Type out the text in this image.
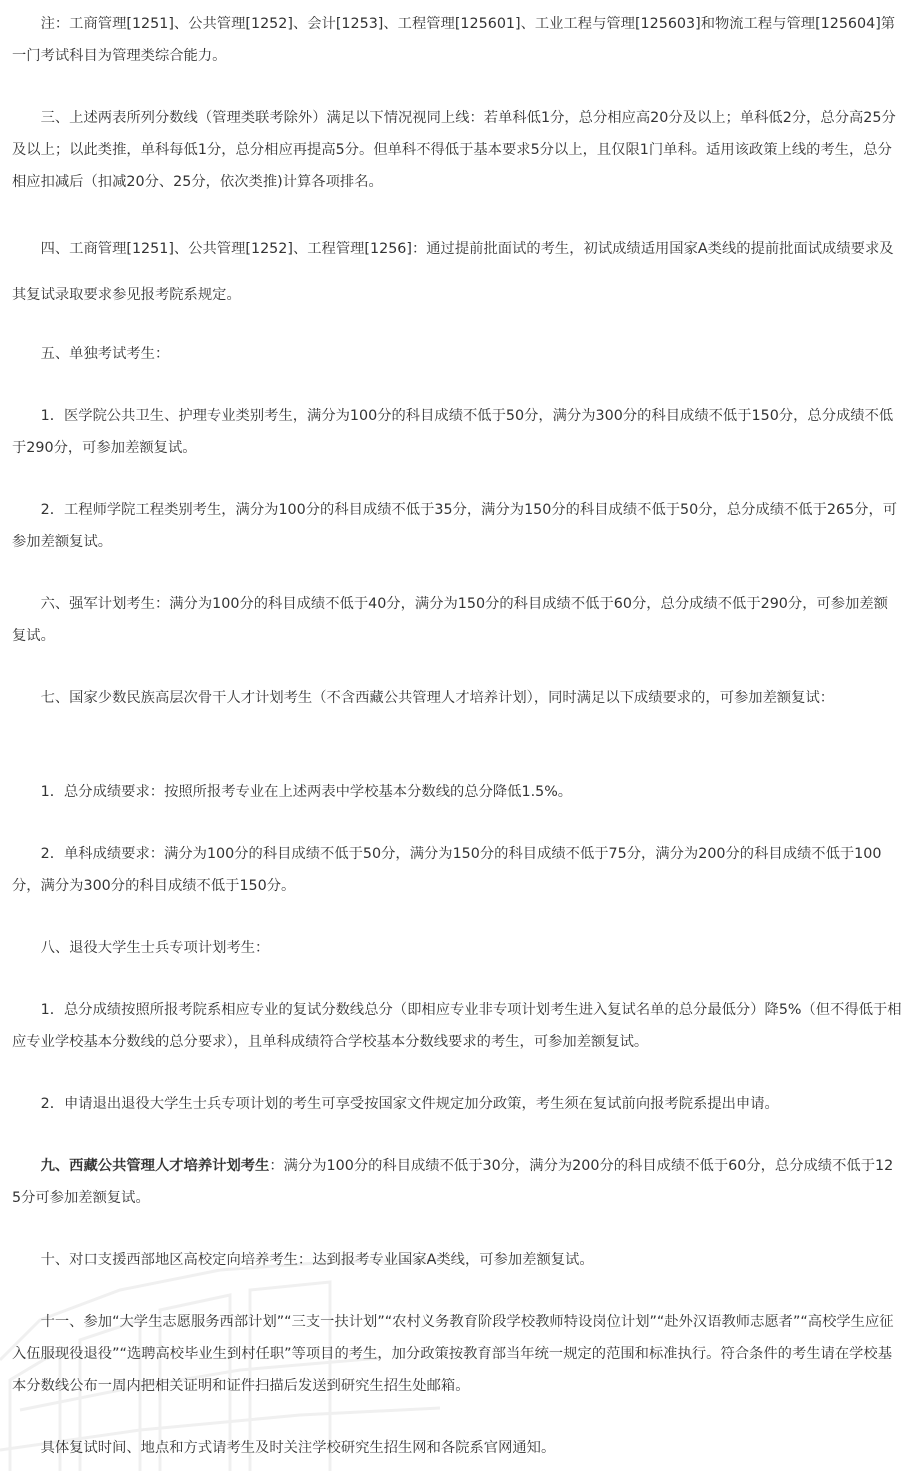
注：工商管理[1251]、公共管理[1252]、会计[1253]、工程管理[125601]、工业工程与管理[125603]和物流工程与管理[125604]第一门考试科目为管理类综合能力。

三、上述两表所列分数线（管理类联考除外）满足以下情况视同上线：若单科低1分，总分相应高20分及以上；单科低2分，总分高25分及以上；以此类推，单科每低1分，总分相应再提高5分。但单科不得低于基本要求5分以上，且仅限1门单科。适用该政策上线的考生，总分相应扣减后（扣减20分、25分，依次类推)计算各项排名。

四、工商管理[1251]、公共管理[1252]、工程管理[1256]：通过提前批面试的考生，初试成绩适用国家A类线的提前批面试成绩要求及其复试录取要求参见报考院系规定。

五、单独考试考生：

1．医学院公共卫生、护理专业类别考生，满分为100分的科目成绩不低于50分，满分为300分的科目成绩不低于150分，总分成绩不低于290分，可参加差额复试。

2．工程师学院工程类别考生，满分为100分的科目成绩不低于35分，满分为150分的科目成绩不低于50分，总分成绩不低于265分，可参加差额复试。

六、强军计划考生：满分为100分的科目成绩不低于40分，满分为150分的科目成绩不低于60分，总分成绩不低于290分，可参加差额复试。

七、国家少数民族高层次骨干人才计划考生（不含西藏公共管理人才培养计划），同时满足以下成绩要求的，可参加差额复试：

1．总分成绩要求：按照所报考专业在上述两表中学校基本分数线的总分降低1.5%。

2．单科成绩要求：满分为100分的科目成绩不低于50分，满分为150分的科目成绩不低于75分，满分为200分的科目成绩不低于100分，满分为300分的科目成绩不低于150分。

八、退役大学生士兵专项计划考生：

1．总分成绩按照所报考院系相应专业的复试分数线总分（即相应专业非专项计划考生进入复试名单的总分最低分）降5%（但不得低于相应专业学校基本分数线的总分要求），且单科成绩符合学校基本分数线要求的考生，可参加差额复试。

2．申请退出退役大学生士兵专项计划的考生可享受按国家文件规定加分政策，考生须在复试前向报考院系提出申请。

九、西藏公共管理人才培养计划考生：满分为100分的科目成绩不低于30分，满分为200分的科目成绩不低于60分，总分成绩不低于125分可参加差额复试。

十、对口支援西部地区高校定向培养考生：达到报考专业国家A类线，可参加差额复试。

十一、参加“大学生志愿服务西部计划”“三支一扶计划”“农村义务教育阶段学校教师特设岗位计划”“赴外汉语教师志愿者”“高校学生应征入伍服现役退役”“选聘高校毕业生到村任职”等项目的考生，加分政策按教育部当年统一规定的范围和标准执行。符合条件的考生请在学校基本分数线公布一周内把相关证明和证件扫描后发送到研究生招生处邮箱。

具体复试时间、地点和方式请考生及时关注学校研究生招生网和各院系官网通知。
